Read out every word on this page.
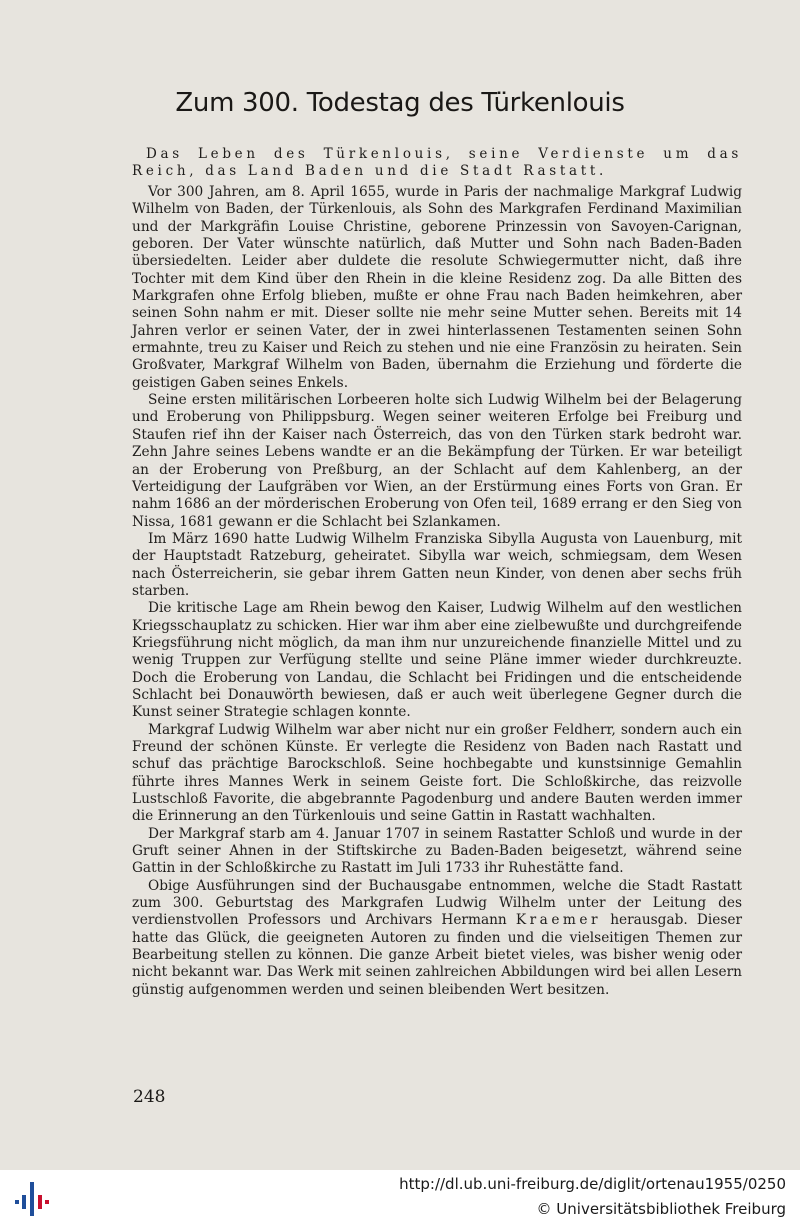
Zum 300. Todestag des Türkenlouis

Das Leben des Türkenlouis, seine Verdienste um das Reich, das Land Baden und die Stadt Rastatt.

Vor 300 Jahren, am 8. April 1655, wurde in Paris der nachmalige Markgraf Ludwig Wilhelm von Baden, der Türkenlouis, als Sohn des Markgrafen Ferdinand Maximilian und der Markgräfin Louise Christine, geborene Prinzessin von Savoyen-Carignan, geboren. Der Vater wünschte natürlich, daß Mutter und Sohn nach Baden-Baden übersiedelten. Leider aber duldete die resolute Schwiegermutter nicht, daß ihre Tochter mit dem Kind über den Rhein in die kleine Residenz zog. Da alle Bitten des Markgrafen ohne Erfolg blieben, mußte er ohne Frau nach Baden heimkehren, aber seinen Sohn nahm er mit. Dieser sollte nie mehr seine Mutter sehen. Bereits mit 14 Jahren verlor er seinen Vater, der in zwei hinterlassenen Testamenten seinen Sohn ermahnte, treu zu Kaiser und Reich zu stehen und nie eine Französin zu heiraten. Sein Großvater, Markgraf Wilhelm von Baden, übernahm die Erziehung und förderte die geistigen Gaben seines Enkels.

Seine ersten militärischen Lorbeeren holte sich Ludwig Wilhelm bei der Belagerung und Eroberung von Philippsburg. Wegen seiner weiteren Erfolge bei Freiburg und Staufen rief ihn der Kaiser nach Österreich, das von den Türken stark bedroht war. Zehn Jahre seines Lebens wandte er an die Bekämpfung der Türken. Er war beteiligt an der Eroberung von Preßburg, an der Schlacht auf dem Kahlenberg, an der Verteidigung der Laufgräben vor Wien, an der Erstürmung eines Forts von Gran. Er nahm 1686 an der mörderischen Eroberung von Ofen teil, 1689 errang er den Sieg von Nissa, 1681 gewann er die Schlacht bei Szlankamen.

Im März 1690 hatte Ludwig Wilhelm Franziska Sibylla Augusta von Lauenburg, mit der Hauptstadt Ratzeburg, geheiratet. Sibylla war weich, schmiegsam, dem Wesen nach Österreicherin, sie gebar ihrem Gatten neun Kinder, von denen aber sechs früh starben.

Die kritische Lage am Rhein bewog den Kaiser, Ludwig Wilhelm auf den westlichen Kriegsschauplatz zu schicken. Hier war ihm aber eine zielbewußte und durchgreifende Kriegsführung nicht möglich, da man ihm nur unzureichende finanzielle Mittel und zu wenig Truppen zur Verfügung stellte und seine Pläne immer wieder durchkreuzte. Doch die Eroberung von Landau, die Schlacht bei Fridingen und die entscheidende Schlacht bei Donauwörth bewiesen, daß er auch weit überlegene Gegner durch die Kunst seiner Strategie schlagen konnte.

Markgraf Ludwig Wilhelm war aber nicht nur ein großer Feldherr, sondern auch ein Freund der schönen Künste. Er verlegte die Residenz von Baden nach Rastatt und schuf das prächtige Barockschloß. Seine hochbegabte und kunstsinnige Gemahlin führte ihres Mannes Werk in seinem Geiste fort. Die Schloßkirche, das reizvolle Lustschloß Favorite, die abgebrannte Pagodenburg und andere Bauten werden immer die Erinnerung an den Türkenlouis und seine Gattin in Rastatt wachhalten.

Der Markgraf starb am 4. Januar 1707 in seinem Rastatter Schloß und wurde in der Gruft seiner Ahnen in der Stiftskirche zu Baden-Baden beigesetzt, während seine Gattin in der Schloßkirche zu Rastatt im Juli 1733 ihr Ruhestätte fand.

Obige Ausführungen sind der Buchausgabe entnommen, welche die Stadt Rastatt zum 300. Geburtstag des Markgrafen Ludwig Wilhelm unter der Leitung des verdienstvollen Professors und Archivars Hermann Kraemer herausgab. Dieser hatte das Glück, die geeigneten Autoren zu finden und die vielseitigen Themen zur Bearbeitung stellen zu können. Die ganze Arbeit bietet vieles, was bisher wenig oder nicht bekannt war. Das Werk mit seinen zahlreichen Abbildungen wird bei allen Lesern günstig aufgenommen werden und seinen bleibenden Wert besitzen.

248
http://dl.ub.uni-freiburg.de/diglit/ortenau1955/0250
© Universitätsbibliothek Freiburg
